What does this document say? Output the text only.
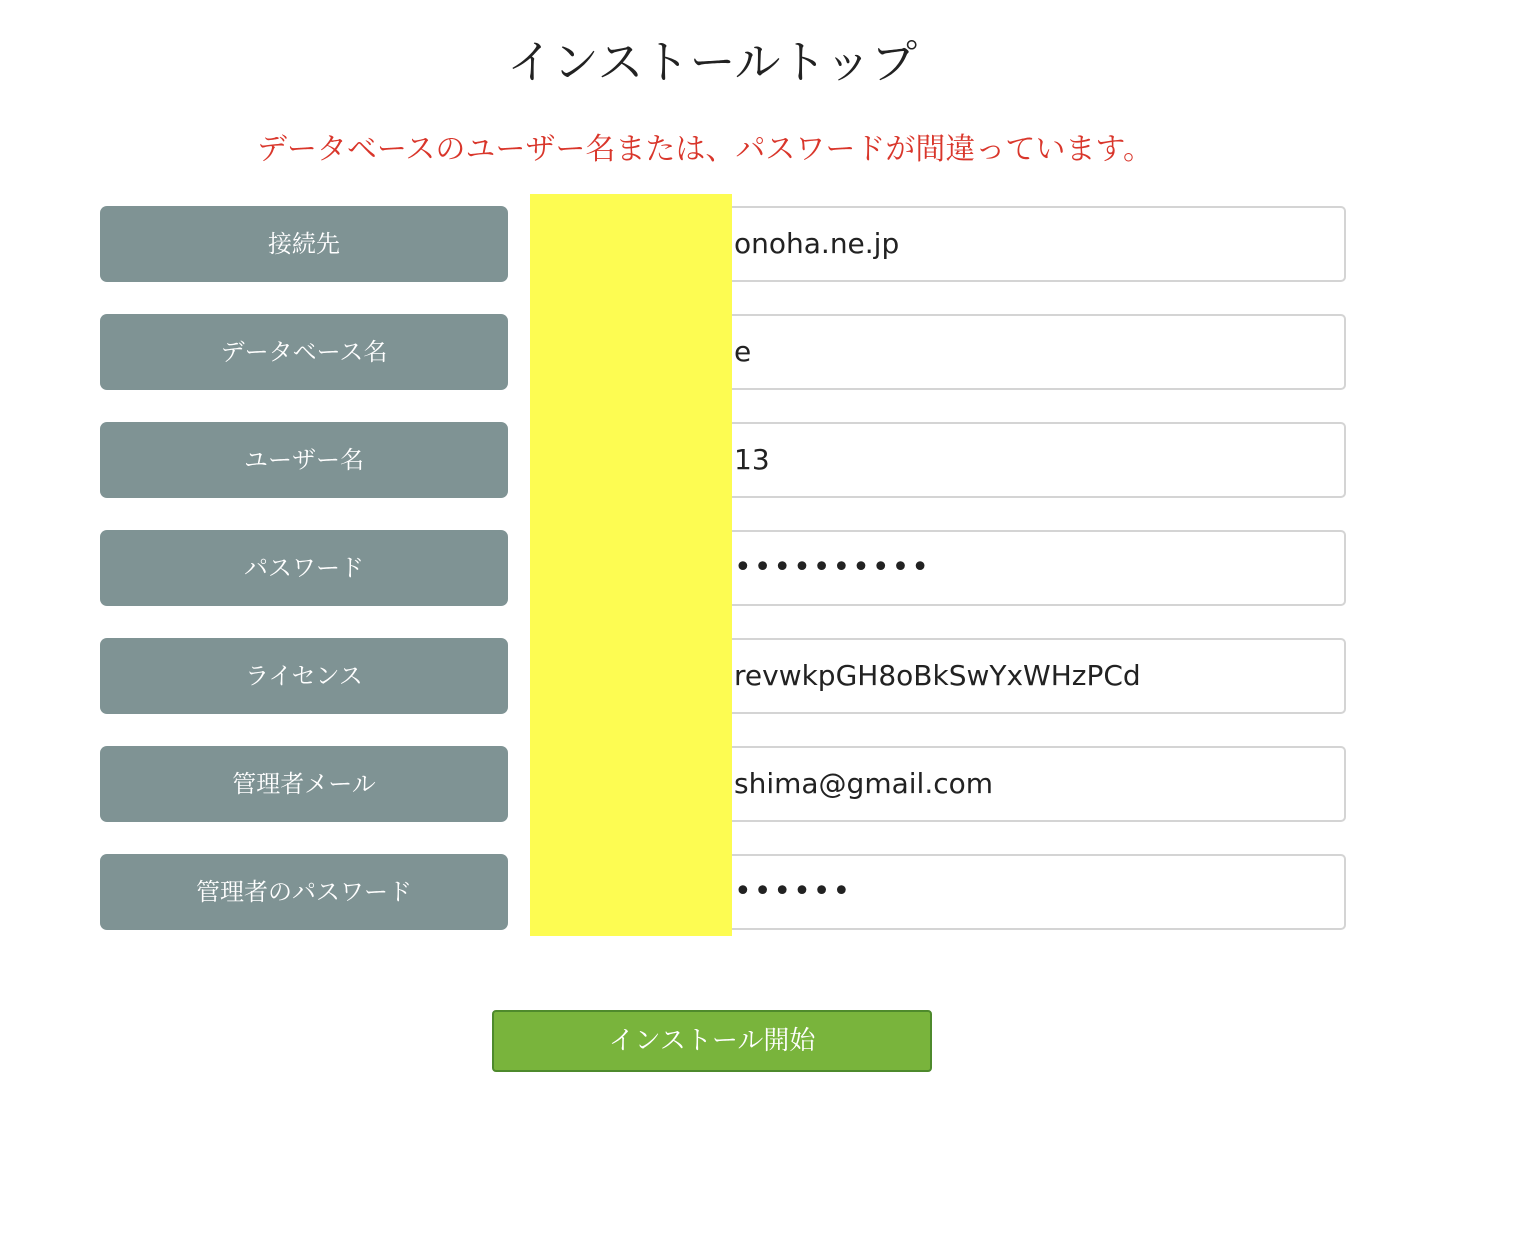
インストールトップ
データベースのユーザー名または、パスワードが間違っています。
接続先	onoha.ne.jp
データベース名	e
ユーザー名	13
パスワード	••••••••••
ライセンス	revwkpGH8oBkSwYxWHzPCd
管理者メール	shima@gmail.com
管理者のパスワード	••••••
インストール開始
